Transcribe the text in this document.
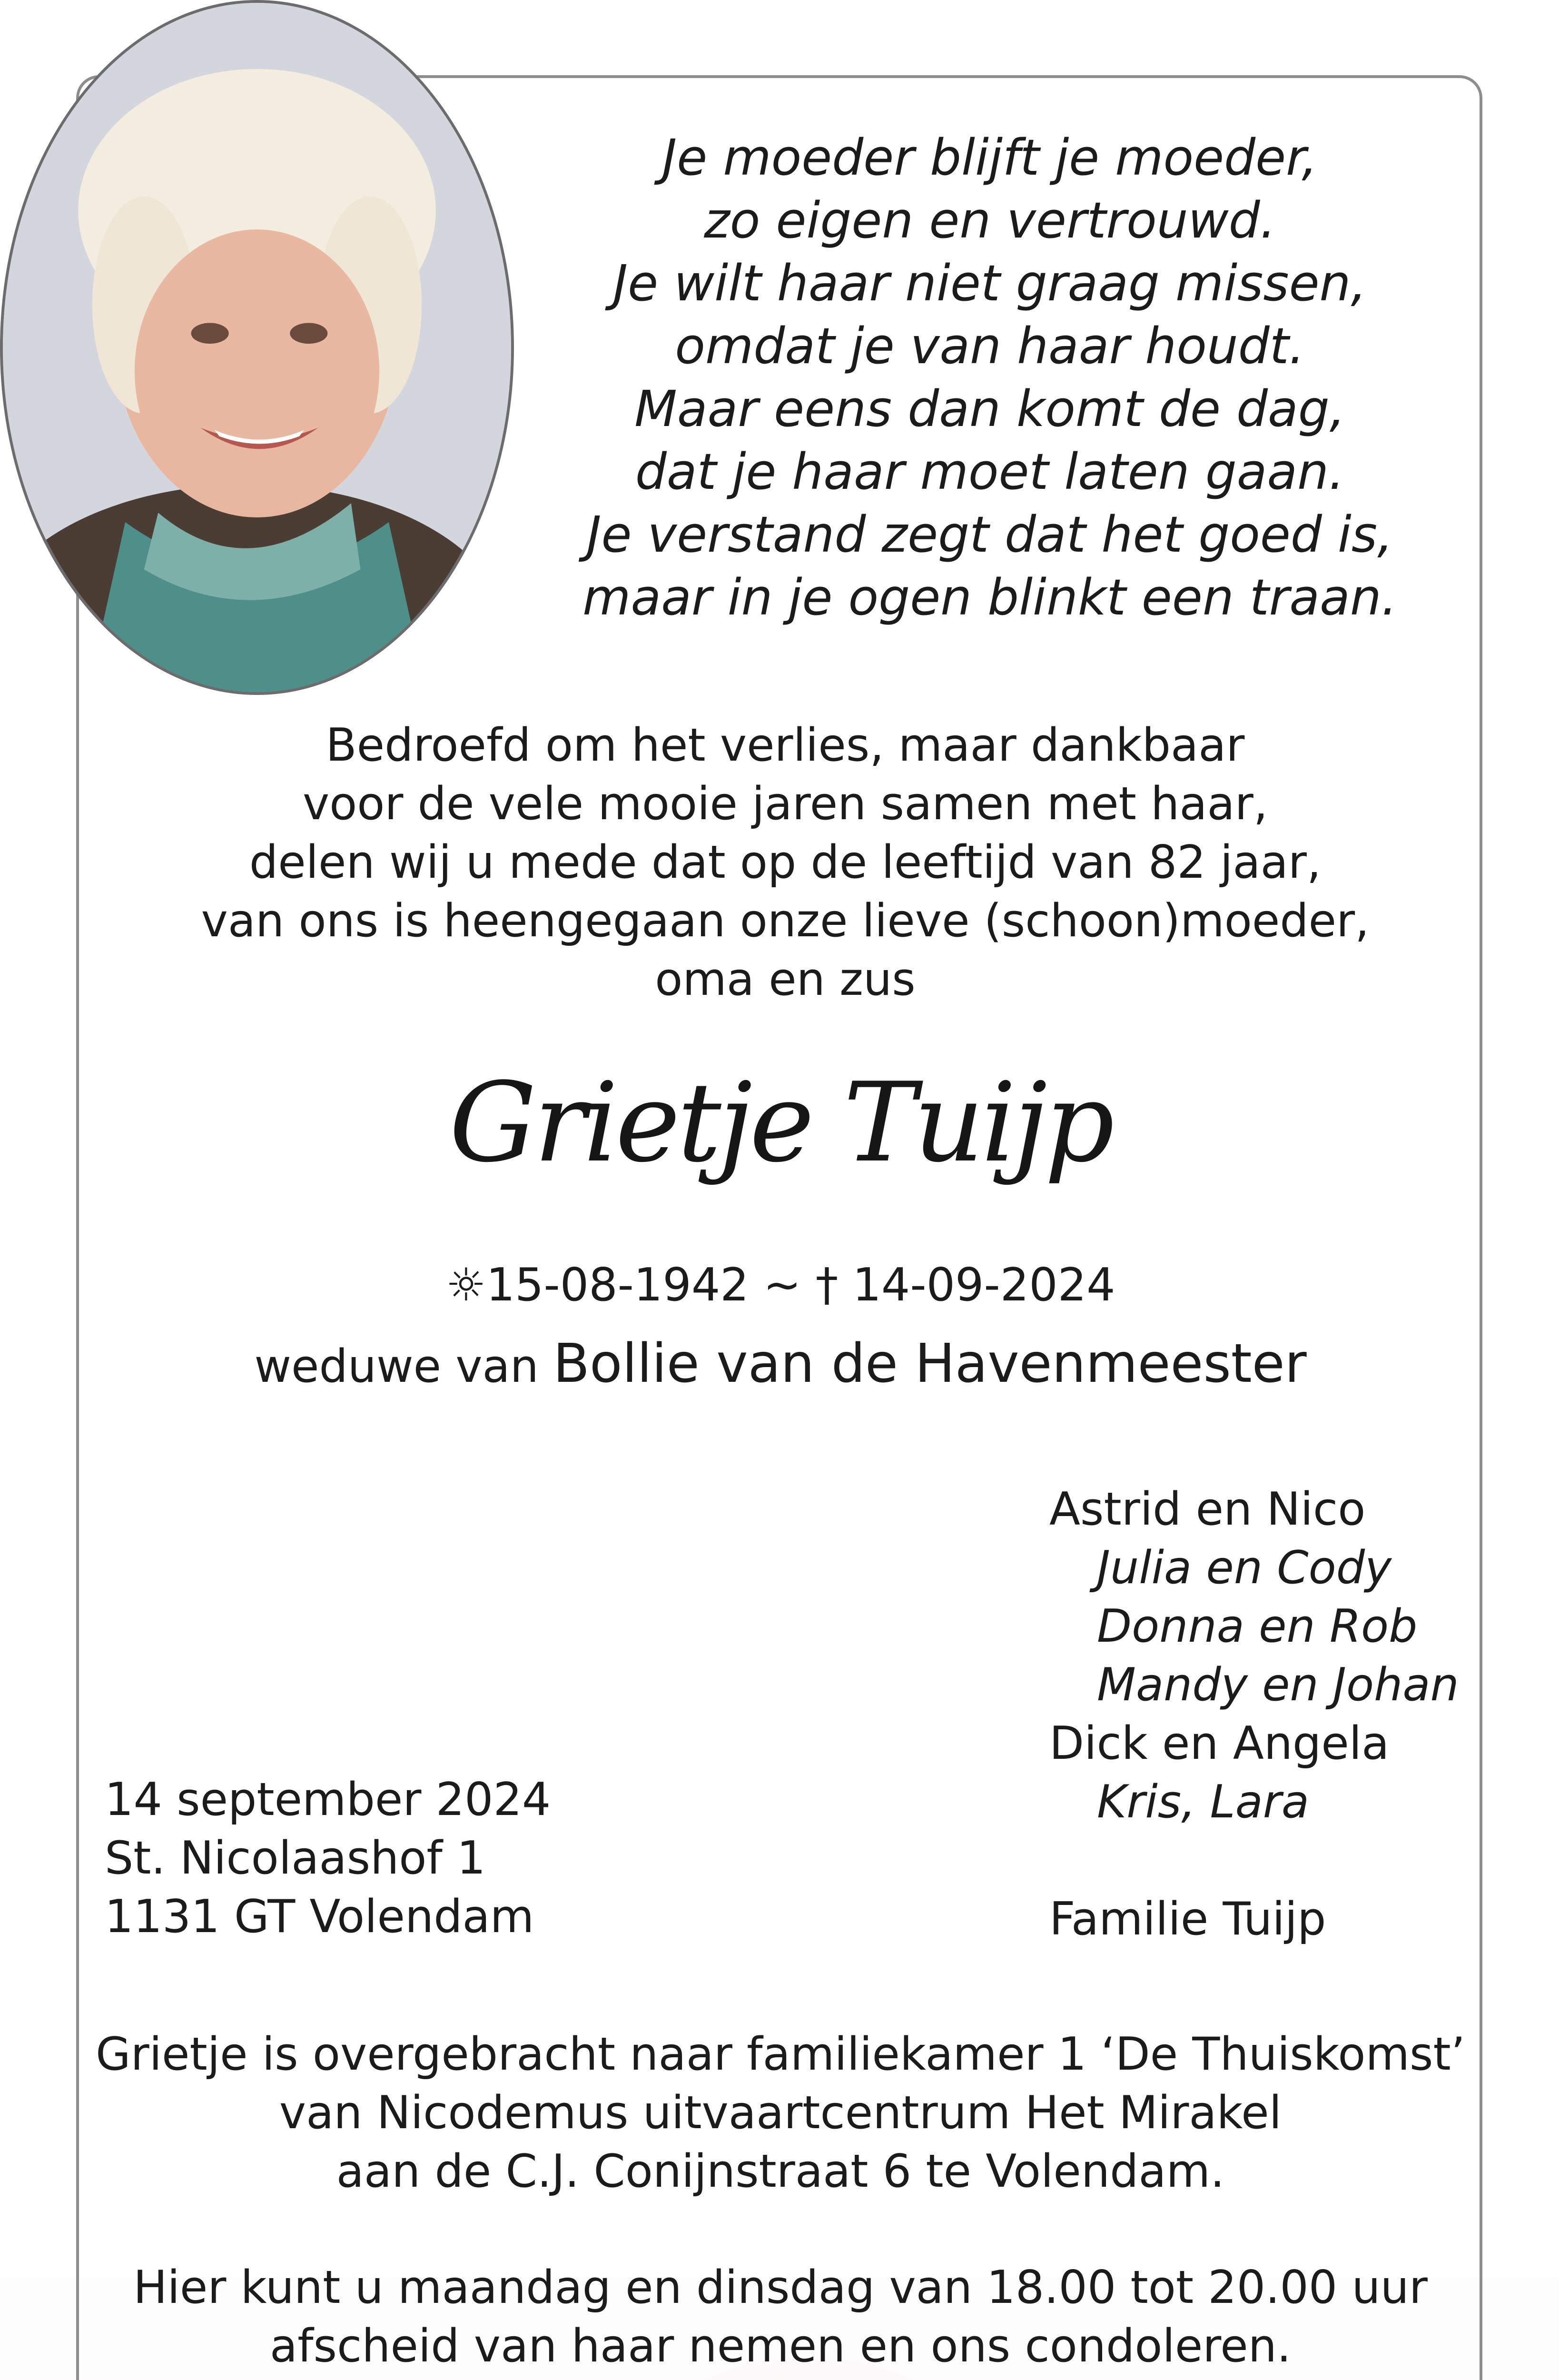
Je moeder blijft je moeder,
zo eigen en vertrouwd.
Je wilt haar niet graag missen,
omdat je van haar houdt.
Maar eens dan komt de dag,
dat je haar moet laten gaan.
Je verstand zegt dat het goed is,
maar in je ogen blinkt een traan.
Bedroefd om het verlies, maar dankbaar
voor de vele mooie jaren samen met haar,
delen wij u mede dat op de leeftijd van 82 jaar,
van ons is heengegaan onze lieve (schoon)moeder,
oma en zus
Grietje Tuijp
☼15-08-1942 ~ † 14-09-2024
weduwe van Bollie van de Havenmeester
Astrid en Nico
Julia en Cody
Donna en Rob
Mandy en Johan
Dick en Angela
Kris, Lara

Familie Tuijp
14 september 2024
St. Nicolaashof 1
1131 GT Volendam
Grietje is overgebracht naar familiekamer 1 ‘De Thuiskomst’
van Nicodemus uitvaartcentrum Het Mirakel
aan de C.J. Conijnstraat 6 te Volendam.
Hier kunt u maandag en dinsdag van 18.00 tot 20.00 uur
afscheid van haar nemen en ons condoleren.
